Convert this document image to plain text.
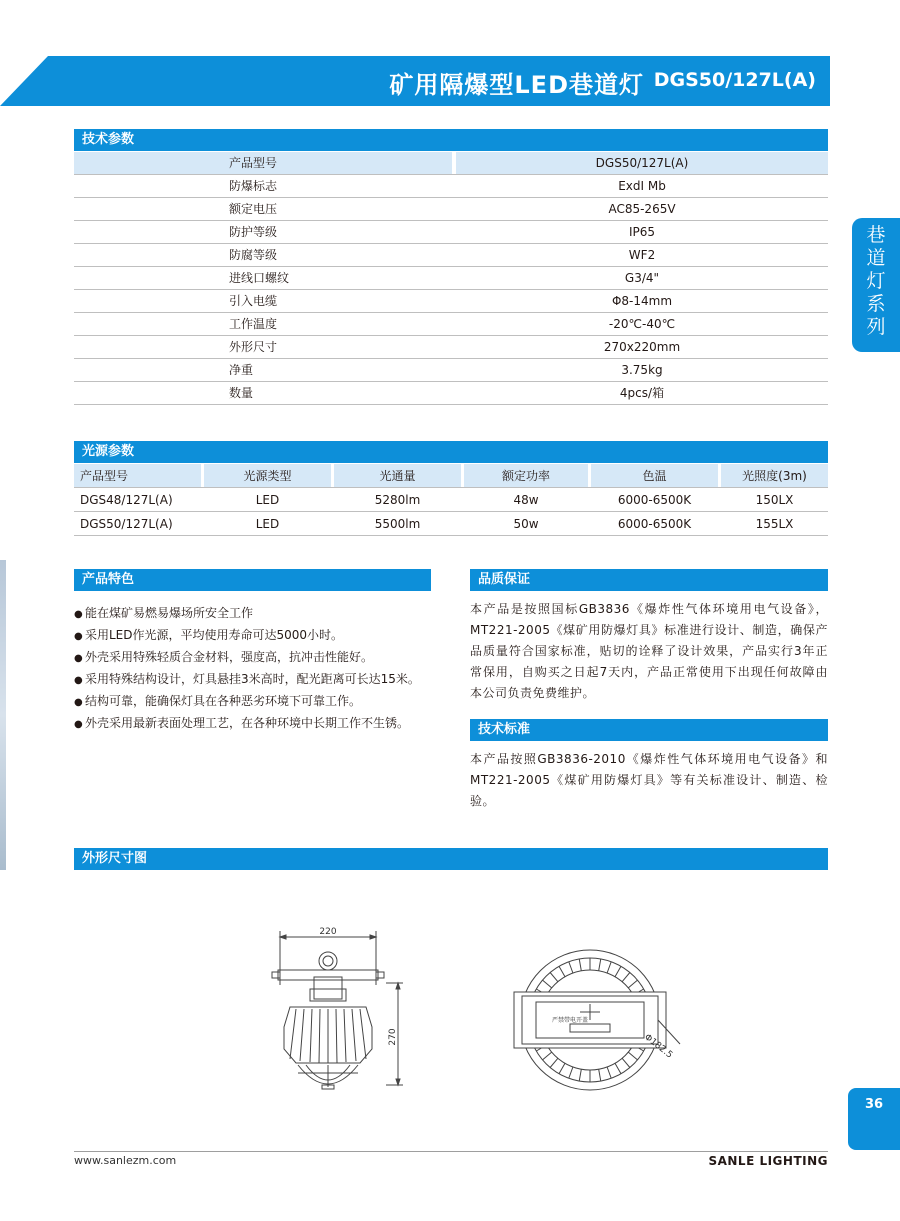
矿用隔爆型LED巷道灯 DGS50/127L(A)
技术参数
产品型号	DGS50/127L(A)
防爆标志	ExdI Mb
额定电压	AC85-265V
防护等级	IP65
防腐等级	WF2
进线口螺纹	G3/4"
引入电缆	Φ8-14mm
工作温度	-20℃-40℃
外形尺寸	270x220mm
净重	3.75kg
数量	4pcs/箱
光源参数
产品型号	光源类型	光通量	额定功率	色温	光照度(3m)
DGS48/127L(A)	LED	5280lm	48w	6000-6500K	150LX
DGS50/127L(A)	LED	5500lm	50w	6000-6500K	155LX
产品特色
● 能在煤矿易燃易爆场所安全工作
● 采用LED作光源，平均使用寿命可达5000小时。
● 外壳采用特殊轻质合金材料，强度高，抗冲击性能好。
● 采用特殊结构设计，灯具悬挂3米高时，配光距离可长达15米。
● 结构可靠，能确保灯具在各种恶劣环境下可靠工作。
● 外壳采用最新表面处理工艺，在各种环境中长期工作不生锈。
品质保证

本产品是按照国标GB3836《爆炸性气体环境用电气设备》，MT221-2005《煤矿用防爆灯具》标准进行设计、制造，确保产品质量符合国家标准，贴切的诠释了设计效果，产品实行3年正常保用，自购买之日起7天内，产品正常使用下出现任何故障由本公司负责免费维护。

技术标准

本产品按照GB3836-2010《爆炸性气体环境用电气设备》和MT221-2005《煤矿用防爆灯具》等有关标准设计、制造、检验。

外形尺寸图
220
270
严禁带电开盖
Φ182.5
巷
道
灯
系
列
36
www.sanlezm.com	SANLE LIGHTING
